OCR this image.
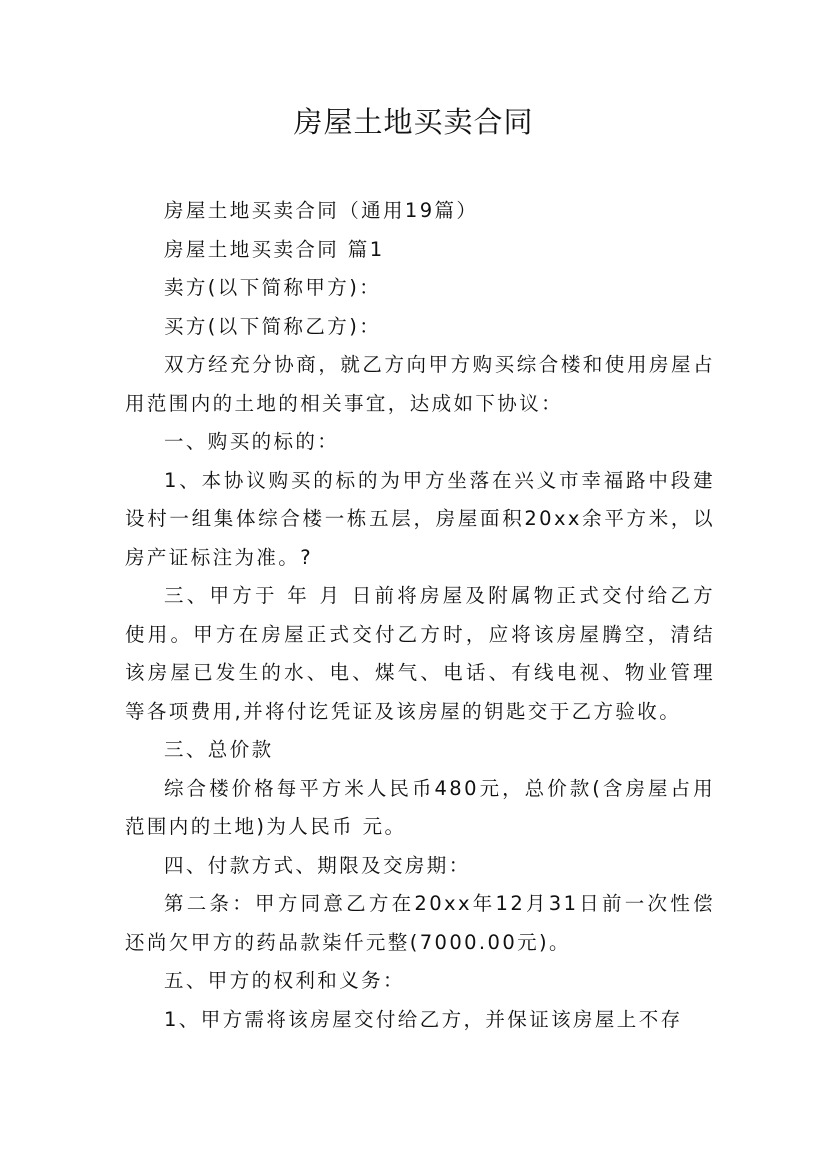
房屋土地买卖合同

房屋土地买卖合同（通用19篇）

房屋土地买卖合同 篇1

卖方(以下简称甲方)：

买方(以下简称乙方)：

双方经充分协商，就乙方向甲方购买综合楼和使用房屋占用范围内的土地的相关事宜，达成如下协议：

一、购买的标的：

1、本协议购买的标的为甲方坐落在兴义市幸福路中段建设村一组集体综合楼一栋五层，房屋面积20xx余平方米，以房产证标注为准。?

三、甲方于 年 月 日前将房屋及附属物正式交付给乙方使用。甲方在房屋正式交付乙方时，应将该房屋腾空，清结该房屋已发生的水、电、煤气、电话、有线电视、物业管理等各项费用,并将付讫凭证及该房屋的钥匙交于乙方验收。

三、总价款

综合楼价格每平方米人民币480元，总价款(含房屋占用范围内的土地)为人民币 元。

四、付款方式、期限及交房期：

第二条：甲方同意乙方在20xx年12月31日前一次性偿还尚欠甲方的药品款柒仟元整(7000.00元)。

五、甲方的权利和义务：

1、甲方需将该房屋交付给乙方，并保证该房屋上不存
